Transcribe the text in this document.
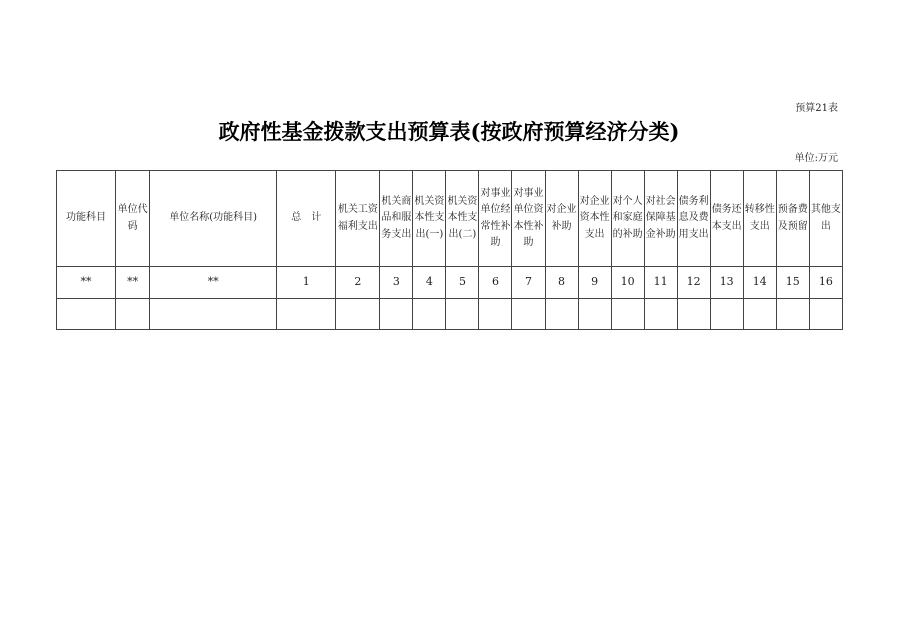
预算21表
政府性基金拨款支出预算表(按政府预算经济分类)
单位:万元
功能科目	单位代码	单位名称(功能科目)	总　计	机关工资福利支出	机关商品和服务支出	机关资本性支出(一)	机关资本性支出(二)	对事业单位经常性补助	对事业单位资本性补助	对企业补助	对企业资本性支出	对个人和家庭的补助	对社会保障基金补助	债务利息及费用支出	债务还本支出	转移性支出	预备费及预留	其他支出
**	**	**	1	2	3	4	5	6	7	8	9	10	11	12	13	14	15	16
